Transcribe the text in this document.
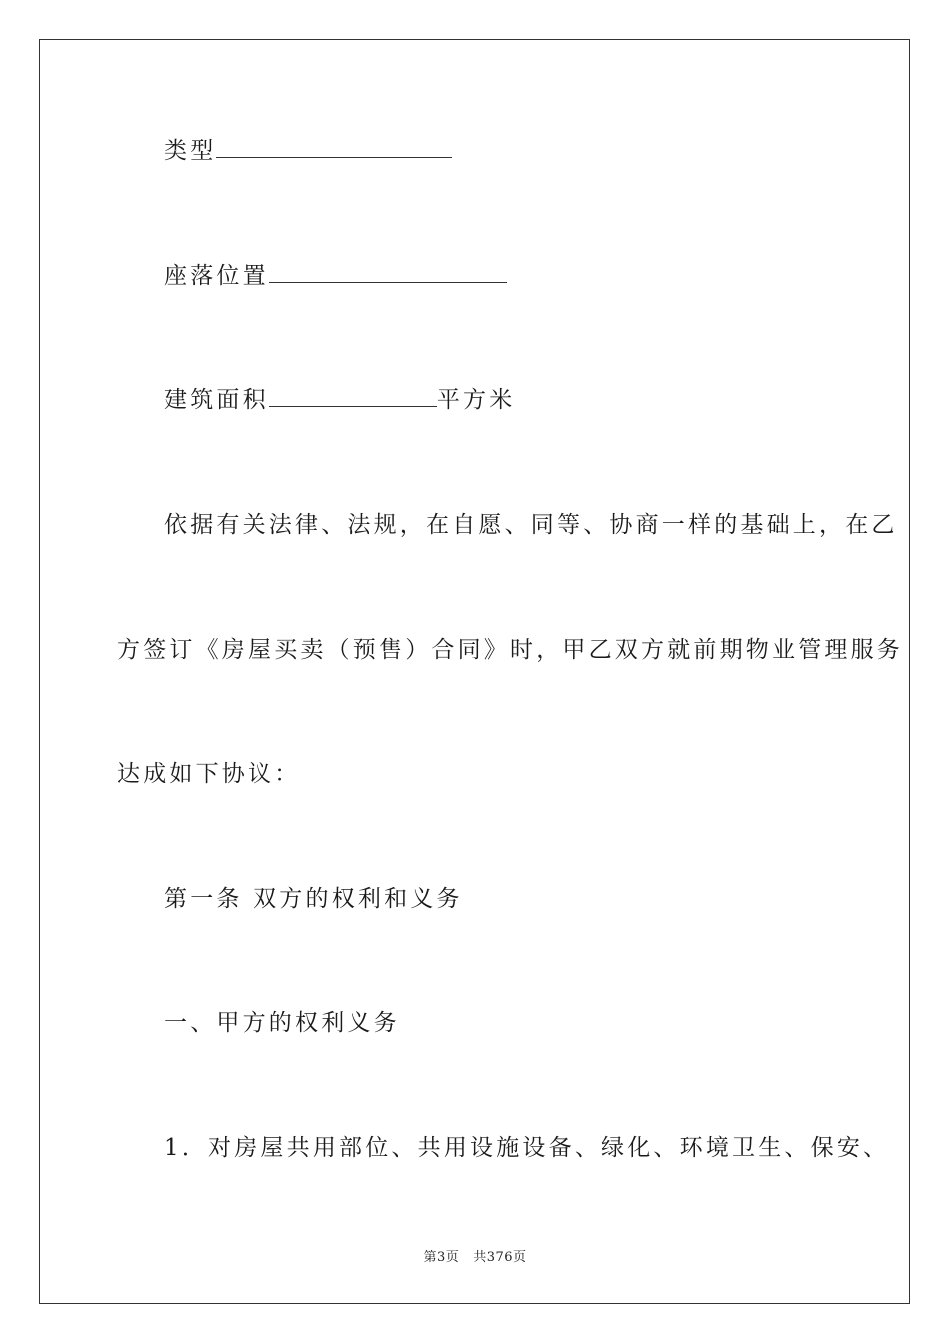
类型
座落位置
建筑面积	平方米
依据有关法律、法规，在自愿、同等、协商一样的基础上，在乙
方签订《房屋买卖（预售）合同》时，甲乙双方就前期物业管理服务
达成如下协议：
第一条 双方的权利和义务
一、甲方的权利义务
1．对房屋共用部位、共用设施设备、绿化、环境卫生、保安、
第3页 共376页
